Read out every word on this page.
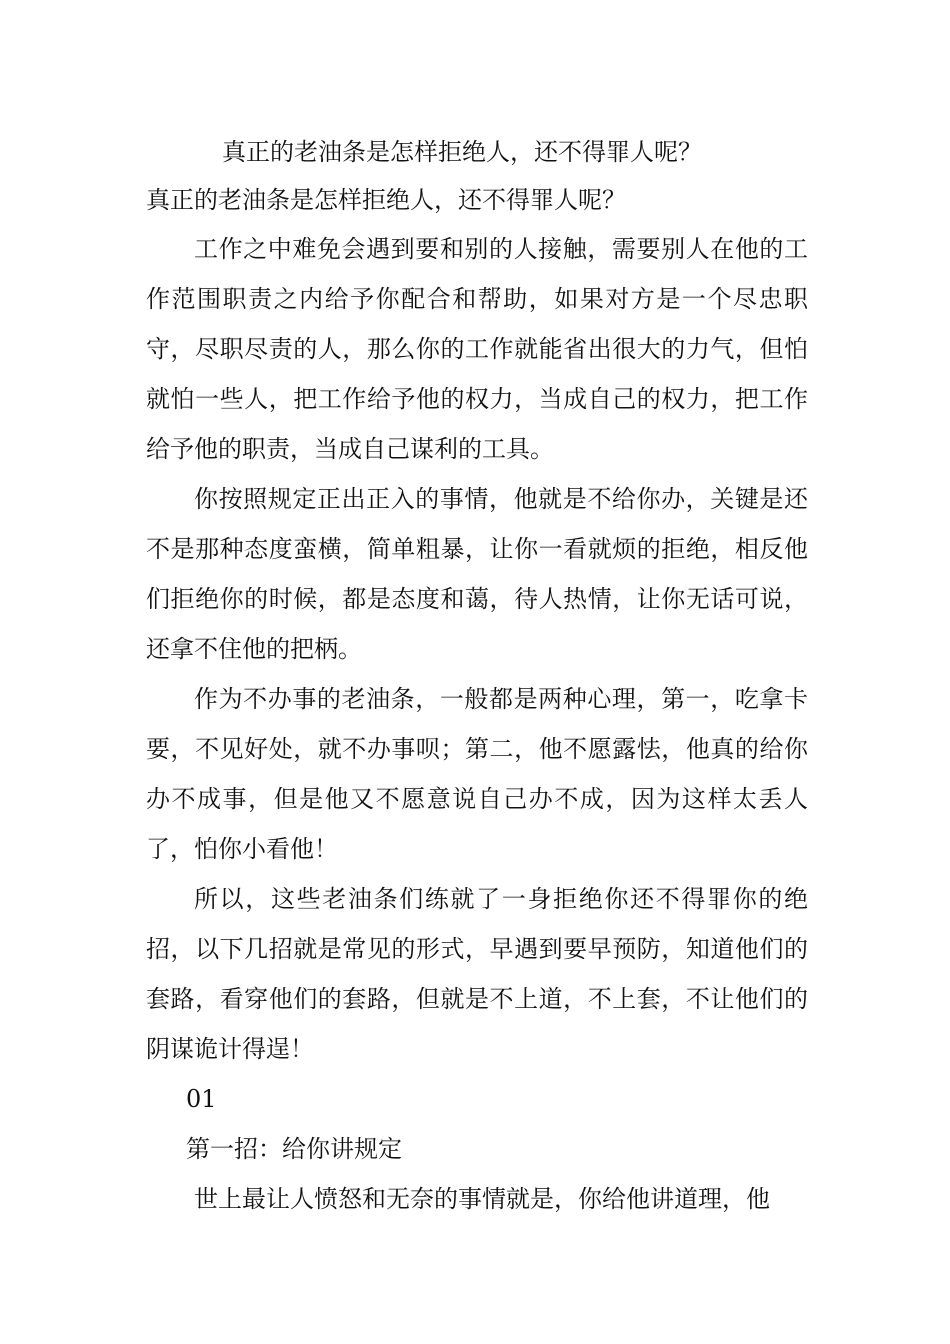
真正的老油条是怎样拒绝人，还不得罪人呢？
真正的老油条是怎样拒绝人，还不得罪人呢？

工作之中难免会遇到要和别的人接触，需要别人在他的工作范围职责之内给予你配合和帮助，如果对方是一个尽忠职守，尽职尽责的人，那么你的工作就能省出很大的力气，但怕就怕一些人，把工作给予他的权力，当成自己的权力，把工作给予他的职责，当成自己谋利的工具。

你按照规定正出正入的事情，他就是不给你办，关键是还不是那种态度蛮横，简单粗暴，让你一看就烦的拒绝，相反他们拒绝你的时候，都是态度和蔼，待人热情，让你无话可说，还拿不住他的把柄。

作为不办事的老油条，一般都是两种心理，第一，吃拿卡要，不见好处，就不办事呗；第二，他不愿露怯，他真的给你办不成事，但是他又不愿意说自己办不成，因为这样太丢人了，怕你小看他！

所以，这些老油条们练就了一身拒绝你还不得罪你的绝招，以下几招就是常见的形式，早遇到要早预防，知道他们的套路，看穿他们的套路，但就是不上道，不上套，不让他们的阴谋诡计得逞！

01

第一招：给你讲规定

世上最让人愤怒和无奈的事情就是，你给他讲道理，他
